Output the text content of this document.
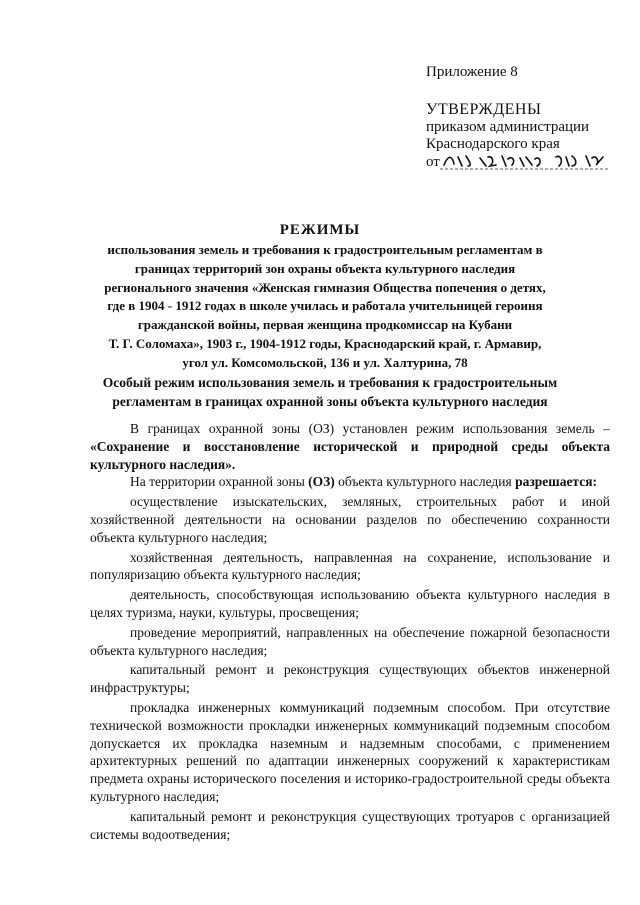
Приложение 8
УТВЕРЖДЕНЫ
приказом администрации
Краснодарского края
от
РЕЖИМЫ
использования земель и требования к градостроительным регламентам в
границах территорий зон охраны объекта культурного наследия
регионального значения «Женская гимназия Общества попечения о детях,
где в 1904 - 1912 годах в школе училась и работала учительницей героиня
гражданской войны, первая женщина продкомиссар на Кубани
Т. Г. Соломаха», 1903 г., 1904-1912 годы, Краснодарский край, г. Армавир,
угол ул. Комсомольской, 136 и ул. Халтурина, 78
Особый режим использования земель и требования к градостроительным
регламентам в границах охранной зоны объекта культурного наследия

В границах охранной зоны (ОЗ) установлен режим использования земель – «Сохранение и восстановление исторической и природной среды объекта культурного наследия».

На территории охранной зоны (ОЗ) объекта культурного наследия разрешается:

осуществление изыскательских, земляных, строительных работ и иной хозяйственной деятельности на основании разделов по обеспечению сохранности объекта культурного наследия;

хозяйственная деятельность, направленная на сохранение, использование и популяризацию объекта культурного наследия;

деятельность, способствующая использованию объекта культурного наследия в целях туризма, науки, культуры, просвещения;

проведение мероприятий, направленных на обеспечение пожарной безопасности объекта культурного наследия;

капитальный ремонт и реконструкция существующих объектов инженерной инфраструктуры;

прокладка инженерных коммуникаций подземным способом. При отсутствие технической возможности прокладки инженерных коммуникаций подземным способом допускается их прокладка наземным и надземным способами, с применением архитектурных решений по адаптации инженерных сооружений к характеристикам предмета охраны исторического поселения и историко-градостроительной среды объекта культурного наследия;

капитальный ремонт и реконструкция существующих тротуаров с организацией системы водоотведения;
